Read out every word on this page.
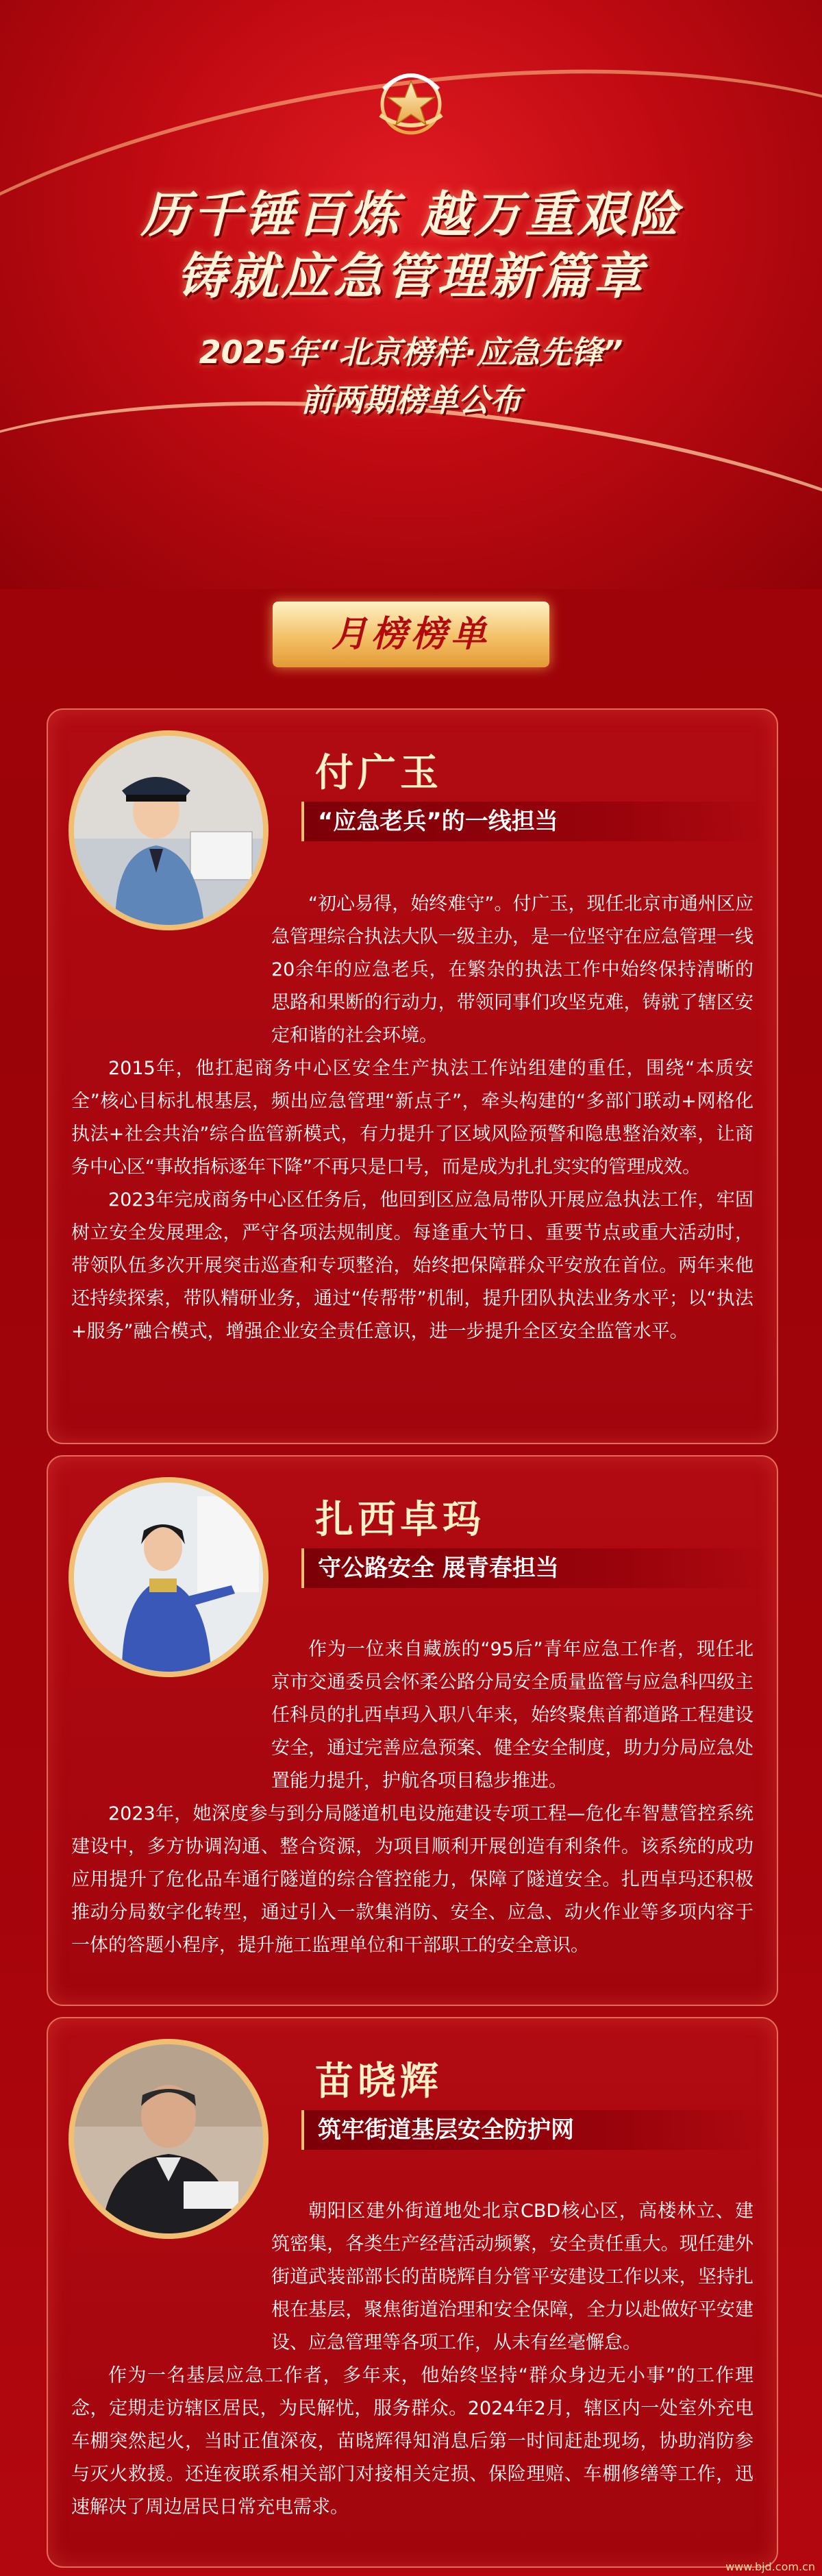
历千锤百炼 越万重艰险
铸就应急管理新篇章
2025年“北京榜样·应急先锋”
前两期榜单公布
月榜榜单
付广玉
“应急老兵”的一线担当

“初心易得，始终难守”。付广玉，现任北京市通州区应急管理综合执法大队一级主办，是一位坚守在应急管理一线20余年的应急老兵，在繁杂的执法工作中始终保持清晰的思路和果断的行动力，带领同事们攻坚克难，铸就了辖区安定和谐的社会环境。

2015年，他扛起商务中心区安全生产执法工作站组建的重任，围绕“本质安全”核心目标扎根基层，频出应急管理“新点子”，牵头构建的“多部门联动+网格化执法+社会共治”综合监管新模式，有力提升了区域风险预警和隐患整治效率，让商务中心区“事故指标逐年下降”不再只是口号，而是成为扎扎实实的管理成效。

2023年完成商务中心区任务后，他回到区应急局带队开展应急执法工作，牢固树立安全发展理念，严守各项法规制度。每逢重大节日、重要节点或重大活动时，带领队伍多次开展突击巡查和专项整治，始终把保障群众平安放在首位。两年来他还持续探索，带队精研业务，通过“传帮带”机制，提升团队执法业务水平；以“执法+服务”融合模式，增强企业安全责任意识，进一步提升全区安全监管水平。

扎西卓玛
守公路安全 展青春担当

作为一位来自藏族的“95后”青年应急工作者，现任北京市交通委员会怀柔公路分局安全质量监管与应急科四级主任科员的扎西卓玛入职八年来，始终聚焦首都道路工程建设安全，通过完善应急预案、健全安全制度，助力分局应急处置能力提升，护航各项目稳步推进。

2023年，她深度参与到分局隧道机电设施建设专项工程—危化车智慧管控系统建设中，多方协调沟通、整合资源，为项目顺利开展创造有利条件。该系统的成功应用提升了危化品车通行隧道的综合管控能力，保障了隧道安全。扎西卓玛还积极推动分局数字化转型，通过引入一款集消防、安全、应急、动火作业等多项内容于一体的答题小程序，提升施工监理单位和干部职工的安全意识。

苗晓辉
筑牢街道基层安全防护网

朝阳区建外街道地处北京CBD核心区，高楼林立、建筑密集，各类生产经营活动频繁，安全责任重大。现任建外街道武装部部长的苗晓辉自分管平安建设工作以来，坚持扎根在基层，聚焦街道治理和安全保障，全力以赴做好平安建设、应急管理等各项工作，从未有丝毫懈怠。

作为一名基层应急工作者，多年来，他始终坚持“群众身边无小事”的工作理念，定期走访辖区居民，为民解忧，服务群众。2024年2月，辖区内一处室外充电车棚突然起火，当时正值深夜，苗晓辉得知消息后第一时间赶赴现场，协助消防参与灭火救援。还连夜联系相关部门对接相关定损、保险理赔、车棚修缮等工作，迅速解决了周边居民日常充电需求。

www.bjd.com.cn
